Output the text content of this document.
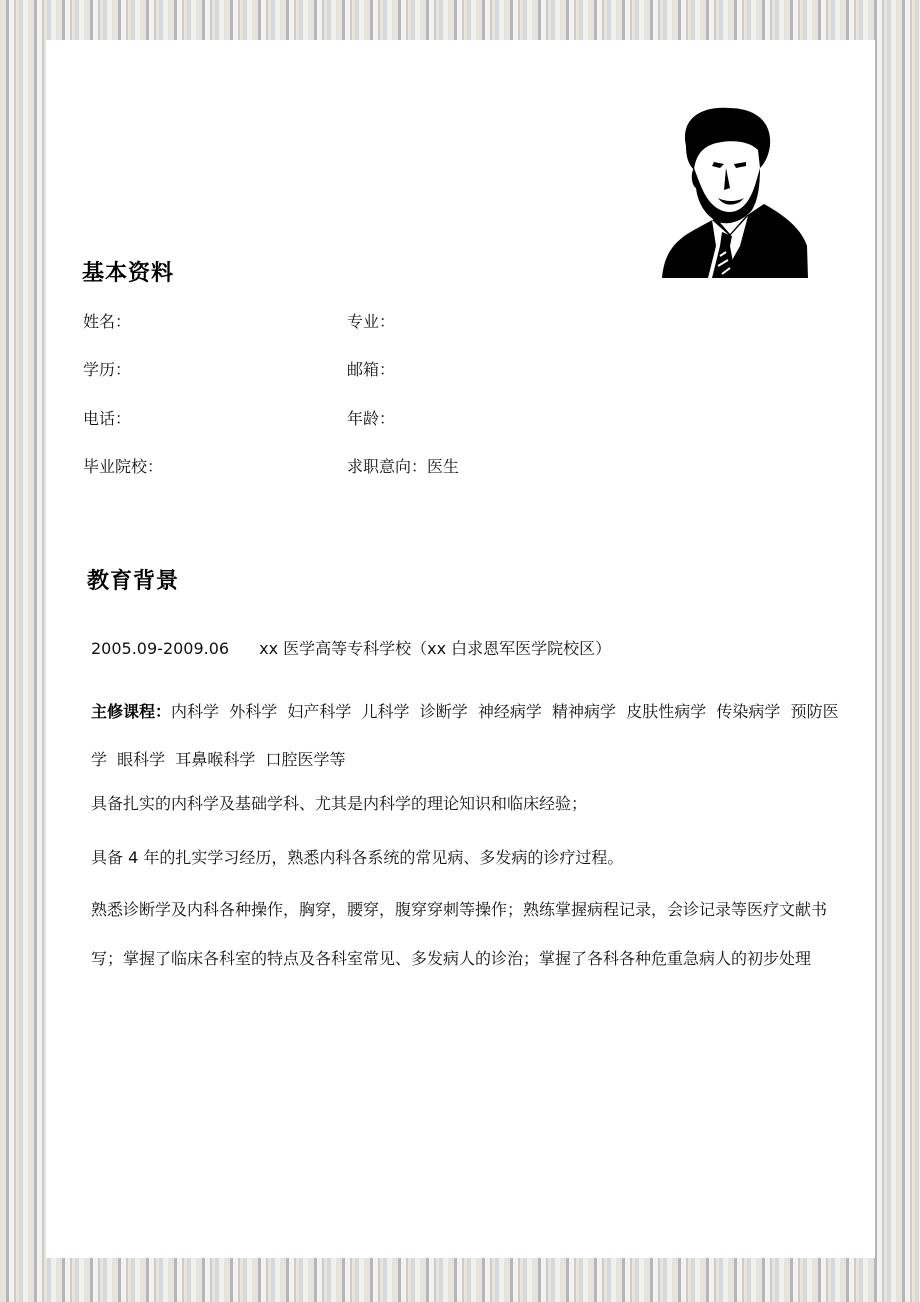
基本资料
姓名：	专业：
学历：	邮箱：
电话：	年龄：
毕业院校：	求职意向：医生
教育背景
2005.09-2009.06 xx 医学高等专科学校（xx 白求恩军医学院校区）
主修课程：内科学  外科学  妇产科学  儿科学  诊断学  神经病学  精神病学  皮肤性病学  传染病学  预防医学  眼科学  耳鼻喉科学  口腔医学等
具备扎实的内科学及基础学科、尤其是内科学的理论知识和临床经验；
具备 4 年的扎实学习经历，熟悉内科各系统的常见病、多发病的诊疗过程。
熟悉诊断学及内科各种操作，胸穿，腰穿，腹穿穿刺等操作；熟练掌握病程记录，会诊记录等医疗文献书写；掌握了临床各科室的特点及各科室常见、多发病人的诊治；掌握了各科各种危重急病人的初步处理
